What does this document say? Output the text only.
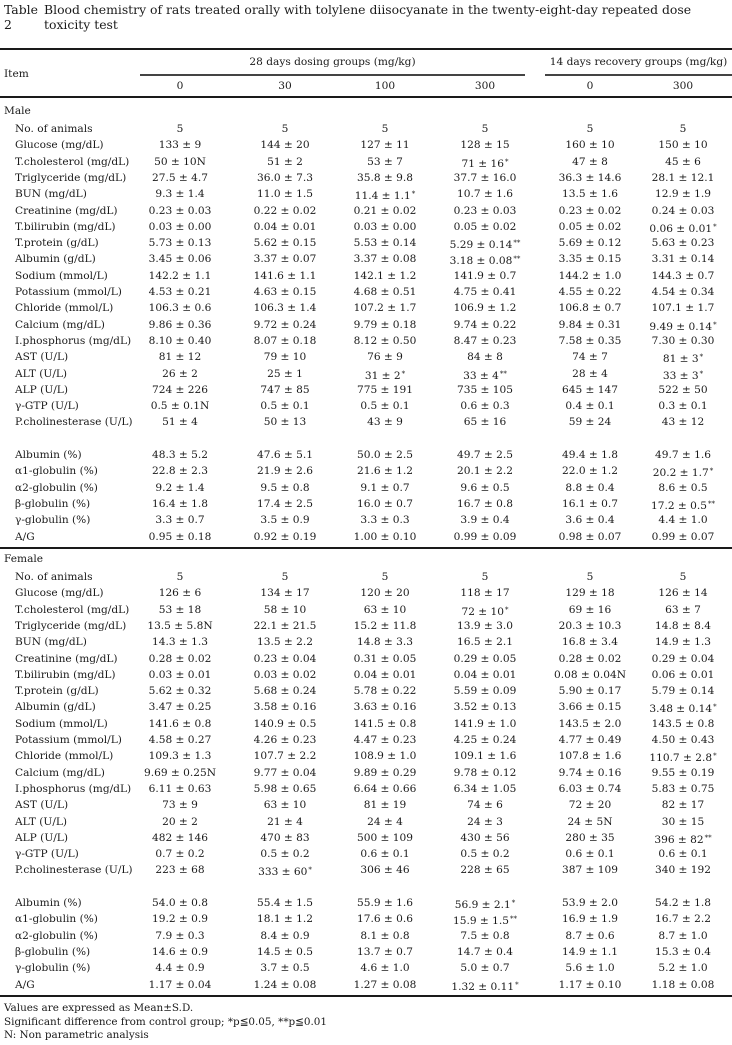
Table 2
Blood chemistry of rats treated orally with tolylene diisocyanate in the twenty-eight-day repeated dose toxicity test
Item
28 days dosing groups (mg/kg)	14 days recovery groups (mg/kg)
0	30	100	300	0	300
Male
No. of animals	5	5	5	5	5	5
Glucose (mg/dL)	133 ± 9	144 ± 20	127 ± 11	128 ± 15	160 ± 10	150 ± 10
T.cholesterol (mg/dL)	50 ± 10N	51 ± 2	53 ± 7	71 ± 16*	47 ± 8	45 ± 6
Triglyceride (mg/dL)	27.5 ± 4.7	36.0 ± 7.3	35.8 ± 9.8	37.7 ± 16.0	36.3 ± 14.6	28.1 ± 12.1
BUN (mg/dL)	9.3 ± 1.4	11.0 ± 1.5	11.4 ± 1.1*	10.7 ± 1.6	13.5 ± 1.6	12.9 ± 1.9
Creatinine (mg/dL)	0.23 ± 0.03	0.22 ± 0.02	0.21 ± 0.02	0.23 ± 0.03	0.23 ± 0.02	0.24 ± 0.03
T.bilirubin (mg/dL)	0.03 ± 0.00	0.04 ± 0.01	0.03 ± 0.00	0.05 ± 0.02	0.05 ± 0.02	0.06 ± 0.01*
T.protein (g/dL)	5.73 ± 0.13	5.62 ± 0.15	5.53 ± 0.14	5.29 ± 0.14**	5.69 ± 0.12	5.63 ± 0.23
Albumin (g/dL)	3.45 ± 0.06	3.37 ± 0.07	3.37 ± 0.08	3.18 ± 0.08**	3.35 ± 0.15	3.31 ± 0.14
Sodium (mmol/L)	142.2 ± 1.1	141.6 ± 1.1	142.1 ± 1.2	141.9 ± 0.7	144.2 ± 1.0	144.3 ± 0.7
Potassium (mmol/L)	4.53 ± 0.21	4.63 ± 0.15	4.68 ± 0.51	4.75 ± 0.41	4.55 ± 0.22	4.54 ± 0.34
Chloride (mmol/L)	106.3 ± 0.6	106.3 ± 1.4	107.2 ± 1.7	106.9 ± 1.2	106.8 ± 0.7	107.1 ± 1.7
Calcium (mg/dL)	9.86 ± 0.36	9.72 ± 0.24	9.79 ± 0.18	9.74 ± 0.22	9.84 ± 0.31	9.49 ± 0.14*
I.phosphorus (mg/dL)	8.10 ± 0.40	8.07 ± 0.18	8.12 ± 0.50	8.47 ± 0.23	7.58 ± 0.35	7.30 ± 0.30
AST (U/L)	81 ± 12	79 ± 10	76 ± 9	84 ± 8	74 ± 7	81 ± 3*
ALT (U/L)	26 ± 2	25 ± 1	31 ± 2*	33 ± 4**	28 ± 4	33 ± 3*
ALP (U/L)	724 ± 226	747 ± 85	775 ± 191	735 ± 105	645 ± 147	522 ± 50
γ-GTP (U/L)	0.5 ± 0.1N	0.5 ± 0.1	0.5 ± 0.1	0.6 ± 0.3	0.4 ± 0.1	0.3 ± 0.1
P.cholinesterase (U/L)	51 ± 4	50 ± 13	43 ± 9	65 ± 16	59 ± 24	43 ± 12
Albumin (%)	48.3 ± 5.2	47.6 ± 5.1	50.0 ± 2.5	49.7 ± 2.5	49.4 ± 1.8	49.7 ± 1.6
α1-globulin (%)	22.8 ± 2.3	21.9 ± 2.6	21.6 ± 1.2	20.1 ± 2.2	22.0 ± 1.2	20.2 ± 1.7*
α2-globulin (%)	9.2 ± 1.4	9.5 ± 0.8	9.1 ± 0.7	9.6 ± 0.5	8.8 ± 0.4	8.6 ± 0.5
β-globulin (%)	16.4 ± 1.8	17.4 ± 2.5	16.0 ± 0.7	16.7 ± 0.8	16.1 ± 0.7	17.2 ± 0.5**
γ-globulin (%)	3.3 ± 0.7	3.5 ± 0.9	3.3 ± 0.3	3.9 ± 0.4	3.6 ± 0.4	4.4 ± 1.0
A/G	0.95 ± 0.18	0.92 ± 0.19	1.00 ± 0.10	0.99 ± 0.09	0.98 ± 0.07	0.99 ± 0.07
Female
No. of animals	5	5	5	5	5	5
Glucose (mg/dL)	126 ± 6	134 ± 17	120 ± 20	118 ± 17	129 ± 18	126 ± 14
T.cholesterol (mg/dL)	53 ± 18	58 ± 10	63 ± 10	72 ± 10*	69 ± 16	63 ± 7
Triglyceride (mg/dL)	13.5 ± 5.8N	22.1 ± 21.5	15.2 ± 11.8	13.9 ± 3.0	20.3 ± 10.3	14.8 ± 8.4
BUN (mg/dL)	14.3 ± 1.3	13.5 ± 2.2	14.8 ± 3.3	16.5 ± 2.1	16.8 ± 3.4	14.9 ± 1.3
Creatinine (mg/dL)	0.28 ± 0.02	0.23 ± 0.04	0.31 ± 0.05	0.29 ± 0.05	0.28 ± 0.02	0.29 ± 0.04
T.bilirubin (mg/dL)	0.03 ± 0.01	0.03 ± 0.02	0.04 ± 0.01	0.04 ± 0.01	0.08 ± 0.04N	0.06 ± 0.01
T.protein (g/dL)	5.62 ± 0.32	5.68 ± 0.24	5.78 ± 0.22	5.59 ± 0.09	5.90 ± 0.17	5.79 ± 0.14
Albumin (g/dL)	3.47 ± 0.25	3.58 ± 0.16	3.63 ± 0.16	3.52 ± 0.13	3.66 ± 0.15	3.48 ± 0.14*
Sodium (mmol/L)	141.6 ± 0.8	140.9 ± 0.5	141.5 ± 0.8	141.9 ± 1.0	143.5 ± 2.0	143.5 ± 0.8
Potassium (mmol/L)	4.58 ± 0.27	4.26 ± 0.23	4.47 ± 0.23	4.25 ± 0.24	4.77 ± 0.49	4.50 ± 0.43
Chloride (mmol/L)	109.3 ± 1.3	107.7 ± 2.2	108.9 ± 1.0	109.1 ± 1.6	107.8 ± 1.6	110.7 ± 2.8*
Calcium (mg/dL)	9.69 ± 0.25N	9.77 ± 0.04	9.89 ± 0.29	9.78 ± 0.12	9.74 ± 0.16	9.55 ± 0.19
I.phosphorus (mg/dL)	6.11 ± 0.63	5.98 ± 0.65	6.64 ± 0.66	6.34 ± 1.05	6.03 ± 0.74	5.83 ± 0.75
AST (U/L)	73 ± 9	63 ± 10	81 ± 19	74 ± 6	72 ± 20	82 ± 17
ALT (U/L)	20 ± 2	21 ± 4	24 ± 4	24 ± 3	24 ± 5N	30 ± 15
ALP (U/L)	482 ± 146	470 ± 83	500 ± 109	430 ± 56	280 ± 35	396 ± 82**
γ-GTP (U/L)	0.7 ± 0.2	0.5 ± 0.2	0.6 ± 0.1	0.5 ± 0.2	0.6 ± 0.1	0.6 ± 0.1
P.cholinesterase (U/L)	223 ± 68	333 ± 60*	306 ± 46	228 ± 65	387 ± 109	340 ± 192
Albumin (%)	54.0 ± 0.8	55.4 ± 1.5	55.9 ± 1.6	56.9 ± 2.1*	53.9 ± 2.0	54.2 ± 1.8
α1-globulin (%)	19.2 ± 0.9	18.1 ± 1.2	17.6 ± 0.6	15.9 ± 1.5**	16.9 ± 1.9	16.7 ± 2.2
α2-globulin (%)	7.9 ± 0.3	8.4 ± 0.9	8.1 ± 0.8	7.5 ± 0.8	8.7 ± 0.6	8.7 ± 1.0
β-globulin (%)	14.6 ± 0.9	14.5 ± 0.5	13.7 ± 0.7	14.7 ± 0.4	14.9 ± 1.1	15.3 ± 0.4
γ-globulin (%)	4.4 ± 0.9	3.7 ± 0.5	4.6 ± 1.0	5.0 ± 0.7	5.6 ± 1.0	5.2 ± 1.0
A/G	1.17 ± 0.04	1.24 ± 0.08	1.27 ± 0.08	1.32 ± 0.11*	1.17 ± 0.10	1.18 ± 0.08
Values are expressed as Mean±S.D.
Significant difference from control group; *p≦0.05, **p≦0.01
N: Non parametric analysis
